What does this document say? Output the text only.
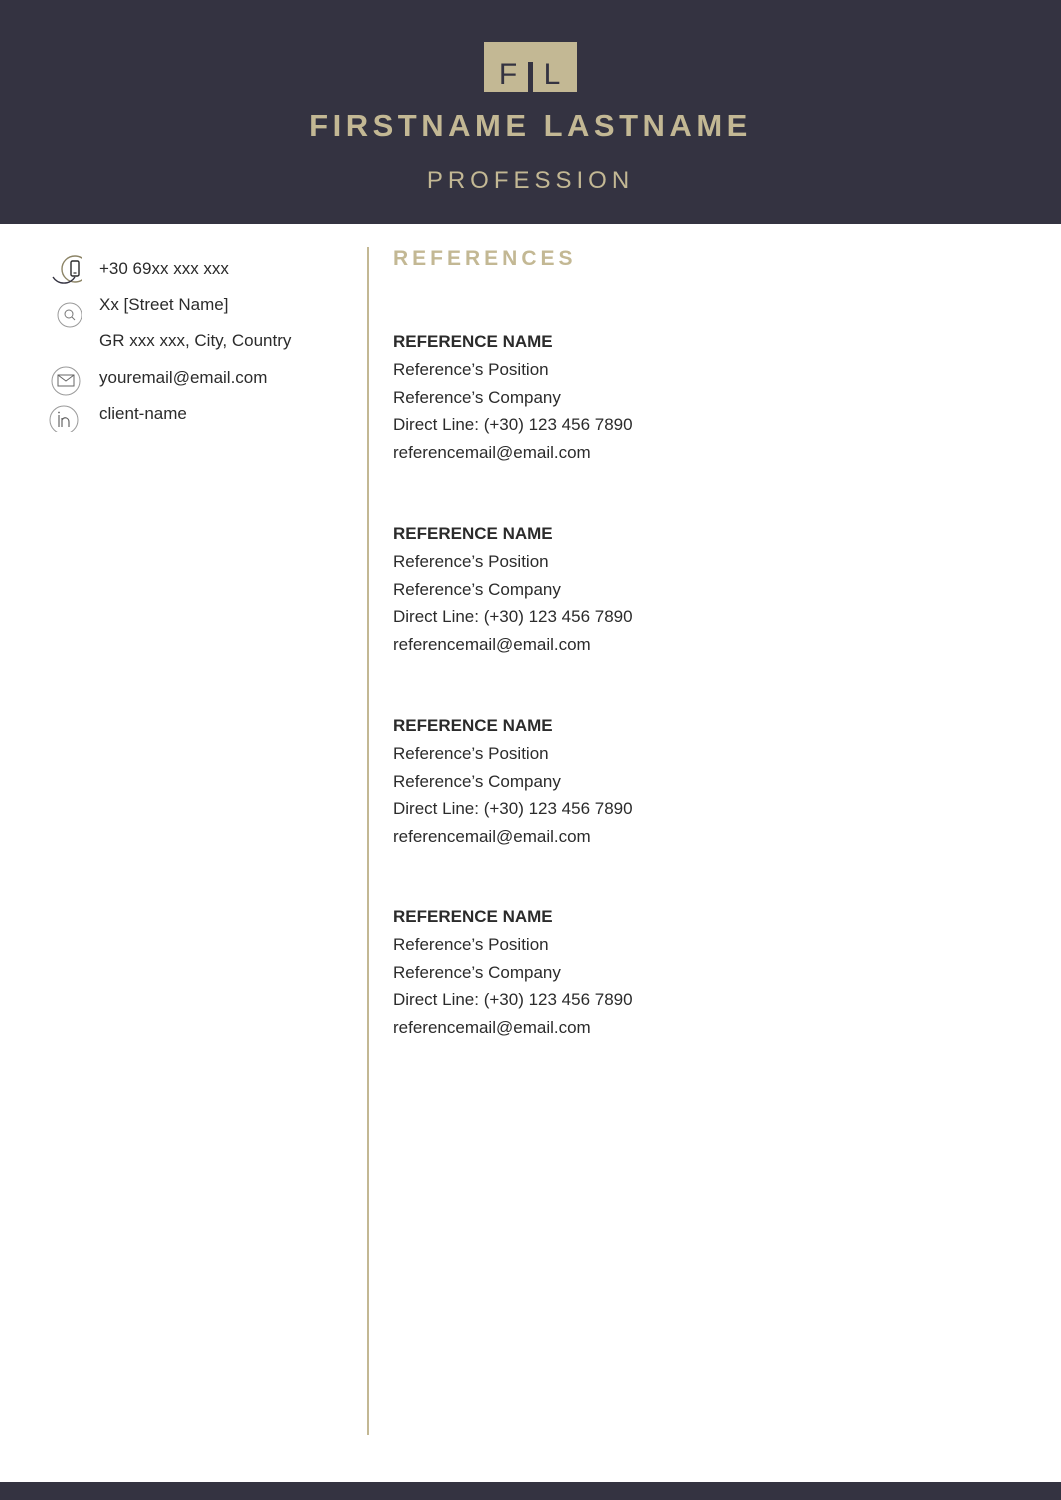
F L
FIRSTNAME LASTNAME
PROFESSION
+30 69xx xxx xxx
Xx [Street Name]
GR xxx xxx, City, Country
youremail@email.com
client-name
REFERENCES
REFERENCE NAME
Reference’s Position
Reference’s Company
Direct Line: (+30) 123 456 7890
referencemail@email.com
REFERENCE NAME
Reference’s Position
Reference’s Company
Direct Line: (+30) 123 456 7890
referencemail@email.com
REFERENCE NAME
Reference’s Position
Reference’s Company
Direct Line: (+30) 123 456 7890
referencemail@email.com
REFERENCE NAME
Reference’s Position
Reference’s Company
Direct Line: (+30) 123 456 7890
referencemail@email.com
